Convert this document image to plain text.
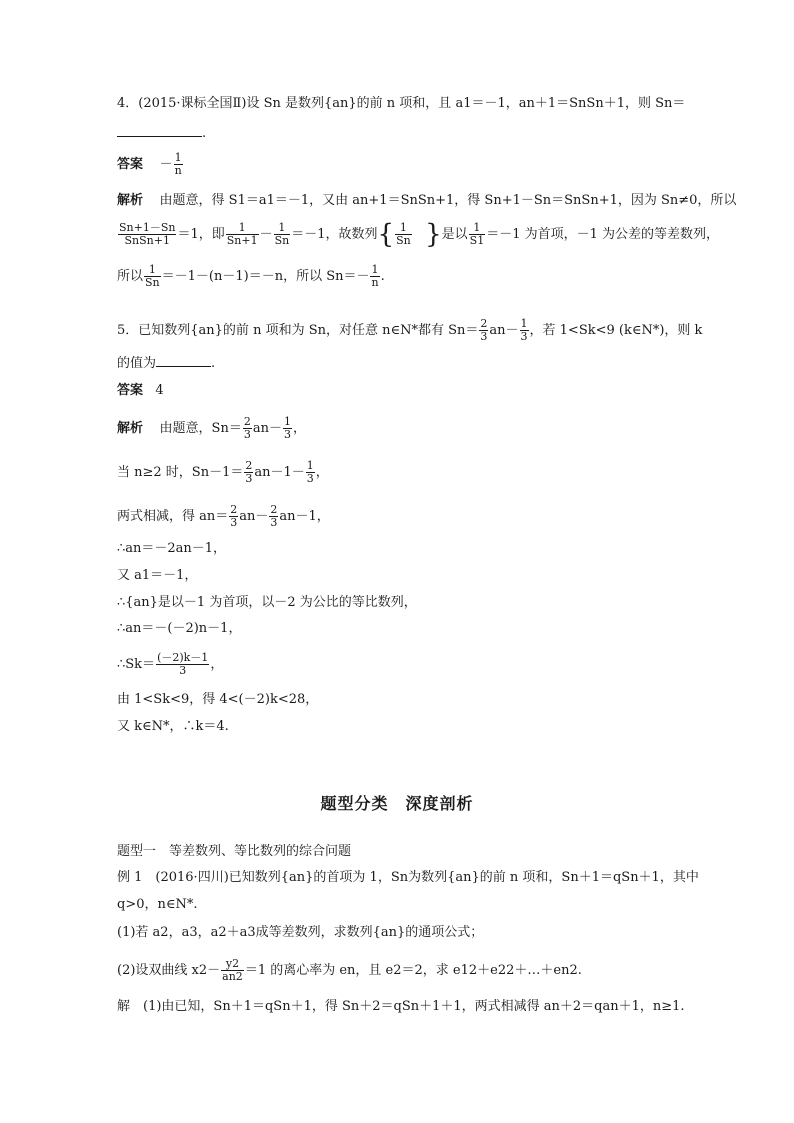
4．(2015·课标全国Ⅱ)设 Sn 是数列{an}的前 n 项和，且 a1＝－1，an＋1＝SnSn＋1，则 Sn＝
.
答案 － $\frac{1}{n}$
解析 由题意，得 S1＝a1＝－1，又由 an+1＝SnSn+1，得 Sn+1－Sn＝SnSn+1，因为 Sn≠0，所以
$\frac{Sn+1-Sn}{\text{SnSn+1}} =1$，即 $\frac{1}{Sn+1} - \frac{1}{Sn} =-1$，故数列{ $\frac{1}{Sn}$ }是以 $\frac{1}{S1} =-1$ 为首项，－1 为公差的等差数列，
所以 $\frac{1}{Sn} =-1-(n-1)=-n$，所以 $Sn=- \frac{1}{n}$ .
5．已知数列{an}的前 n 项和为 Sn，对任意 n∈N*都有 $Sn= \frac{2}{3} an- \frac{1}{3}$ ，若 1<Sk<9 (k∈N*)，则 k
的值为	.
答案 4
解析 由题意，$Sn= \frac{2}{3} an- \frac{1}{3}$ ，
当 n≥2 时，$Sn-1= \frac{2}{3} an-1- \frac{1}{3}$ ，
两式相减，得 $an= \frac{2}{3} an- \frac{2}{3} an-1$，
∴an＝－2an－1，
又 a1＝－1，
∴{an}是以－1 为首项，以－2 为公比的等比数列，
∴an＝－(－2)n－1，
∴Sk＝ $\frac{(-2)k-1}{3}$ ，
由 1<Sk<9，得 4<(－2)k<28，
又 k∈N*，∴k＝4.
题型分类　深度剖析
题型一　等差数列、等比数列的综合问题
例 1　(2016·四川)已知数列{an}的首项为 1，Sn为数列{an}的前 n 项和，Sn＋1＝qSn＋1，其中
q>0，n∈N*.
(1)若 a2，a3，a2＋a3成等差数列，求数列{an}的通项公式；
(2)设双曲线 $x2- \frac{y2}{an2} =1$ 的离心率为 en，且 e2＝2，求 e12＋e22＋…＋en2.
解　(1)由已知，Sn＋1＝qSn＋1，得 Sn＋2＝qSn＋1＋1，两式相减得 an＋2＝qan＋1，n≥1.
